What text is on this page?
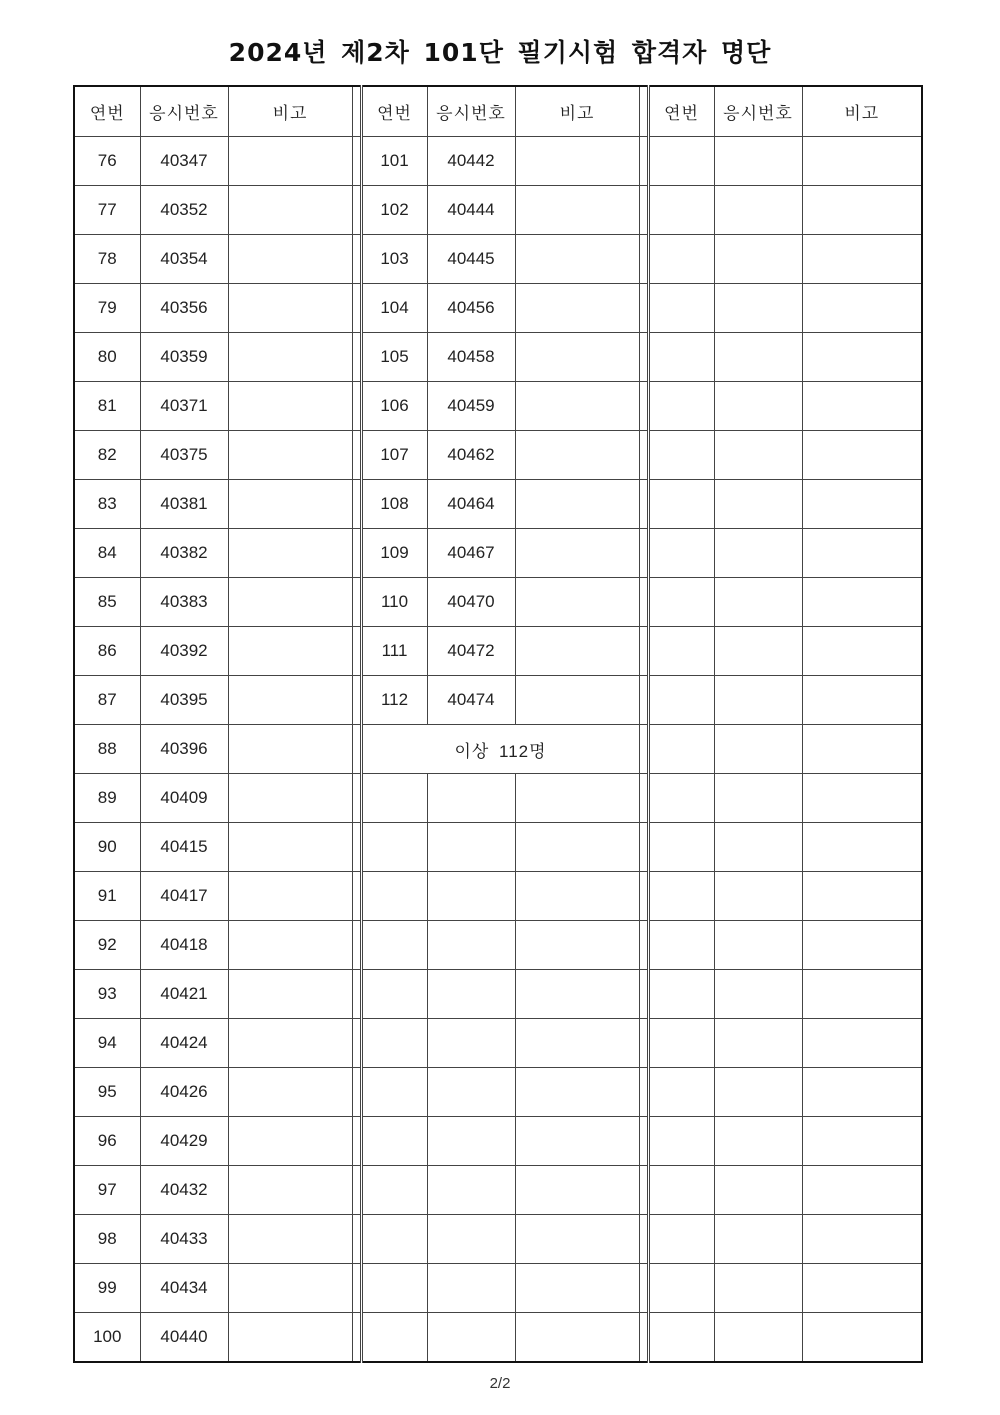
2024년 제2차 101단 필기시험 합격자 명단
연번	응시번호	비고		연번	응시번호	비고		연번	응시번호	비고
76	40347			101	40442					
77	40352			102	40444					
78	40354			103	40445					
79	40356			104	40456					
80	40359			105	40458					
81	40371			106	40459					
82	40375			107	40462					
83	40381			108	40464					
84	40382			109	40467					
85	40383			110	40470					
86	40392			111	40472					
87	40395			112	40474					
88	40396			이상 112명						
89	40409									
90	40415									
91	40417									
92	40418									
93	40421									
94	40424									
95	40426									
96	40429									
97	40432									
98	40433									
99	40434									
100	40440									
2/2
